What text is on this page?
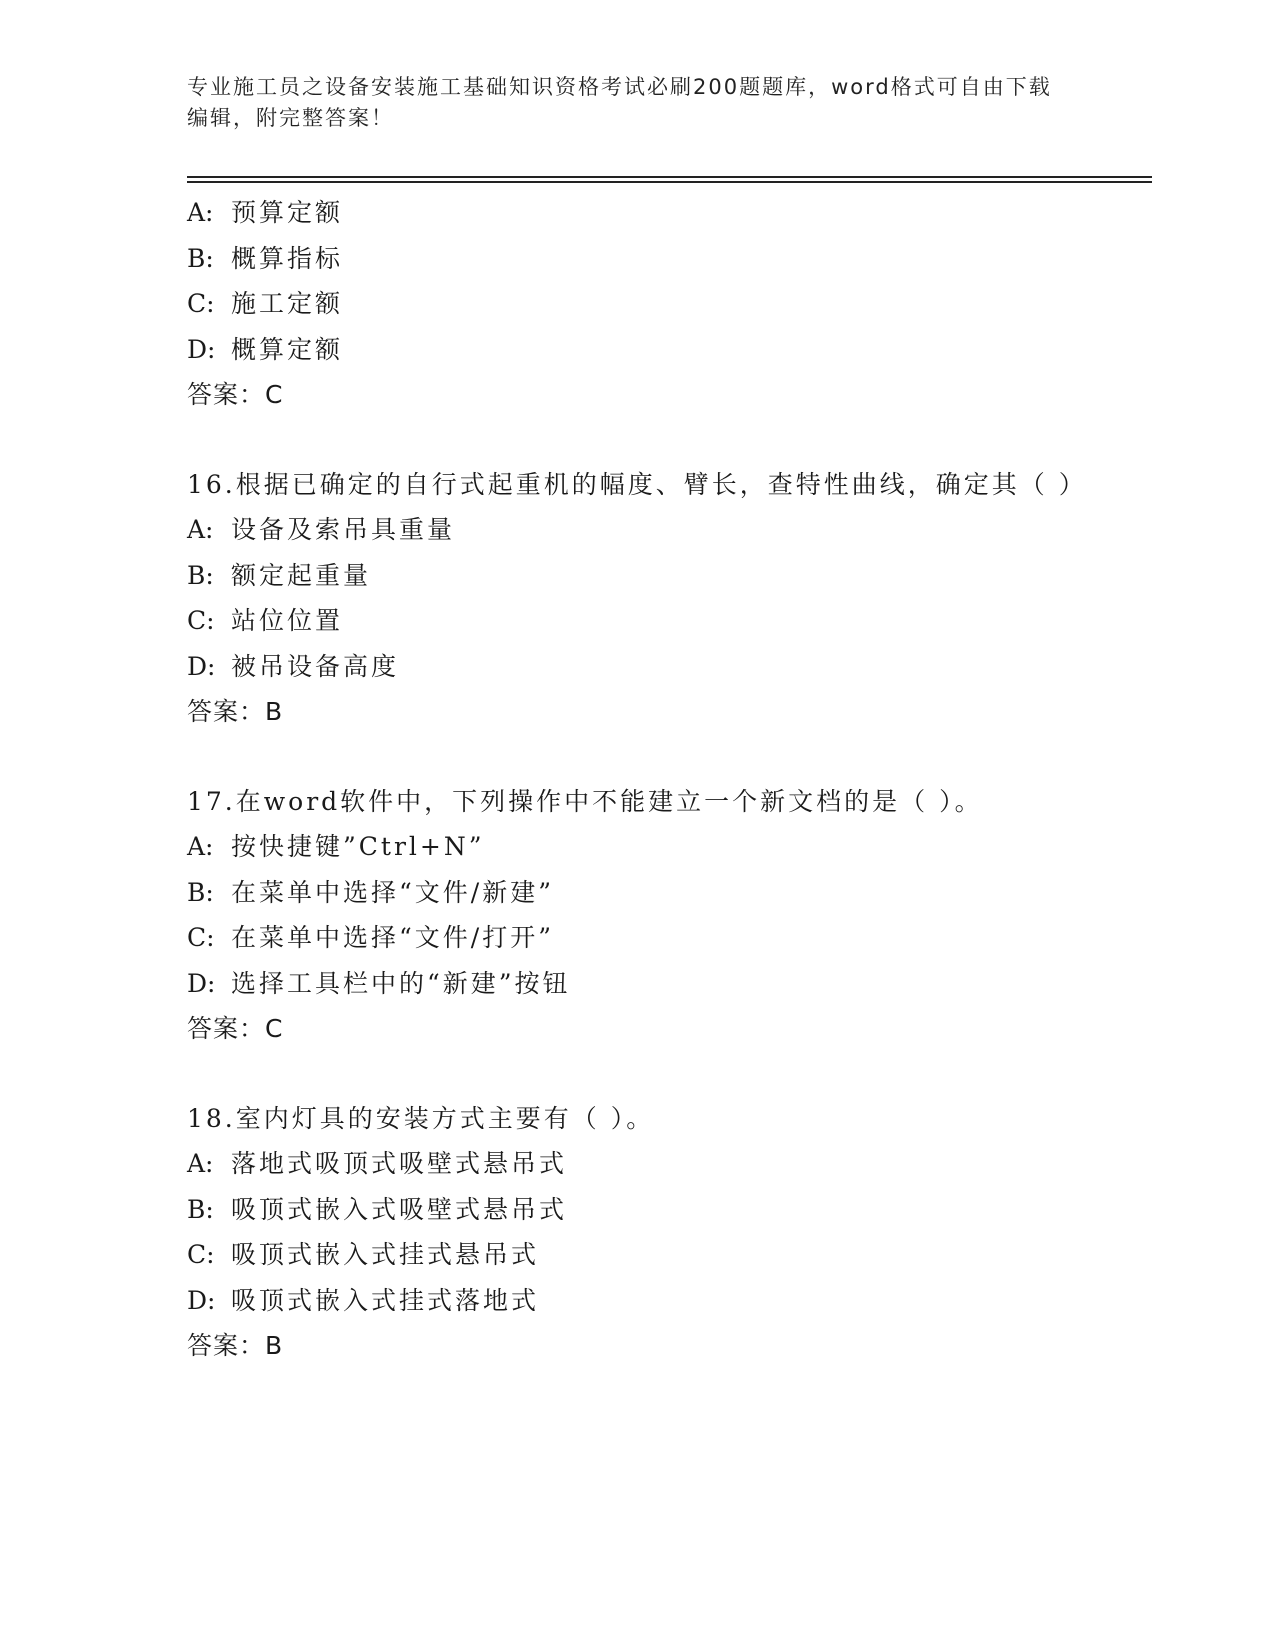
专业施工员之设备安装施工基础知识资格考试必刷200题题库，word格式可自由下载编辑，附完整答案！
A: 预算定额
B: 概算指标
C: 施工定额
D: 概算定额
答案：C
16.根据已确定的自行式起重机的幅度、臂长，查特性曲线，确定其（ ）
A: 设备及索吊具重量
B: 额定起重量
C: 站位位置
D: 被吊设备高度
答案：B
17.在word软件中，下列操作中不能建立一个新文档的是（ ）。
A: 按快捷键”Ctrl+N”
B: 在菜单中选择“文件/新建”
C: 在菜单中选择“文件/打开”
D: 选择工具栏中的“新建”按钮
答案：C
18.室内灯具的安装方式主要有（ ）。
A: 落地式吸顶式吸壁式悬吊式
B: 吸顶式嵌入式吸壁式悬吊式
C: 吸顶式嵌入式挂式悬吊式
D: 吸顶式嵌入式挂式落地式
答案：B
